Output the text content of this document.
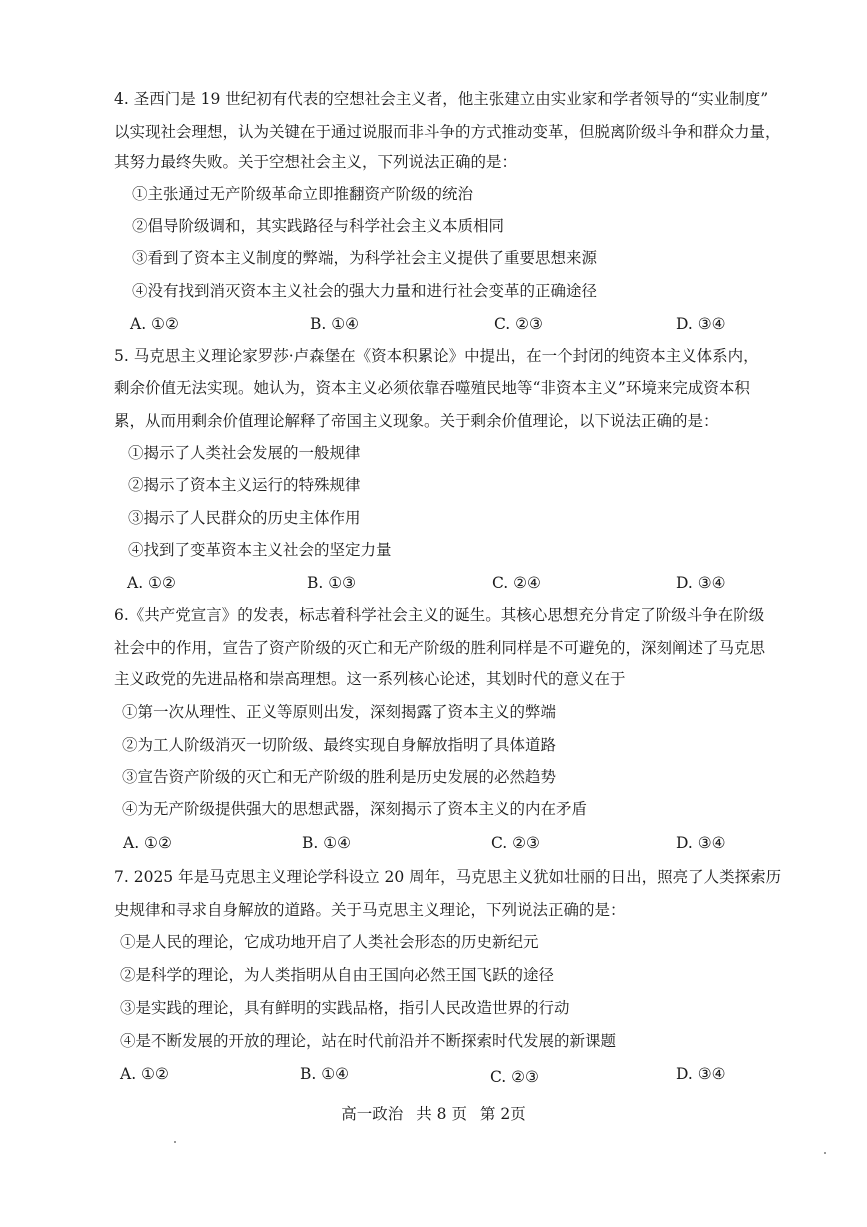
4. 圣西门是 19 世纪初有代表的空想社会主义者，他主张建立由实业家和学者领导的“实业制度”
以实现社会理想，认为关键在于通过说服而非斗争的方式推动变革，但脱离阶级斗争和群众力量，
其努力最终失败。关于空想社会主义，下列说法正确的是：
①主张通过无产阶级革命立即推翻资产阶级的统治
②倡导阶级调和，其实践路径与科学社会主义本质相同
③看到了资本主义制度的弊端，为科学社会主义提供了重要思想来源
④没有找到消灭资本主义社会的强大力量和进行社会变革的正确途径
A. ①②	B. ①④	C. ②③	D. ③④
5. 马克思主义理论家罗莎·卢森堡在《资本积累论》中提出，在一个封闭的纯资本主义体系内，
剩余价值无法实现。她认为，资本主义必须依靠吞噬殖民地等“非资本主义”环境来完成资本积
累，从而用剩余价值理论解释了帝国主义现象。关于剩余价值理论，以下说法正确的是：
①揭示了人类社会发展的一般规律
②揭示了资本主义运行的特殊规律
③揭示了人民群众的历史主体作用
④找到了变革资本主义社会的坚定力量
A. ①②	B. ①③	C. ②④	D. ③④
6.《共产党宣言》的发表，标志着科学社会主义的诞生。其核心思想充分肯定了阶级斗争在阶级
社会中的作用，宣告了资产阶级的灭亡和无产阶级的胜利同样是不可避免的，深刻阐述了马克思
主义政党的先进品格和崇高理想。这一系列核心论述，其划时代的意义在于
①第一次从理性、正义等原则出发，深刻揭露了资本主义的弊端
②为工人阶级消灭一切阶级、最终实现自身解放指明了具体道路
③宣告资产阶级的灭亡和无产阶级的胜利是历史发展的必然趋势
④为无产阶级提供强大的思想武器，深刻揭示了资本主义的内在矛盾
A. ①②	B. ①④	C. ②③	D. ③④
7. 2025 年是马克思主义理论学科设立 20 周年，马克思主义犹如壮丽的日出，照亮了人类探索历
史规律和寻求自身解放的道路。关于马克思主义理论，下列说法正确的是：
①是人民的理论，它成功地开启了人类社会形态的历史新纪元
②是科学的理论，为人类指明从自由王国向必然王国飞跃的途径
③是实践的理论，具有鲜明的实践品格，指引人民改造世界的行动
④是不断发展的开放的理论，站在时代前沿并不断探索时代发展的新课题
A. ①②	B. ①④	C. ②③	D. ③④
高一政治 共 8 页 第 2页
